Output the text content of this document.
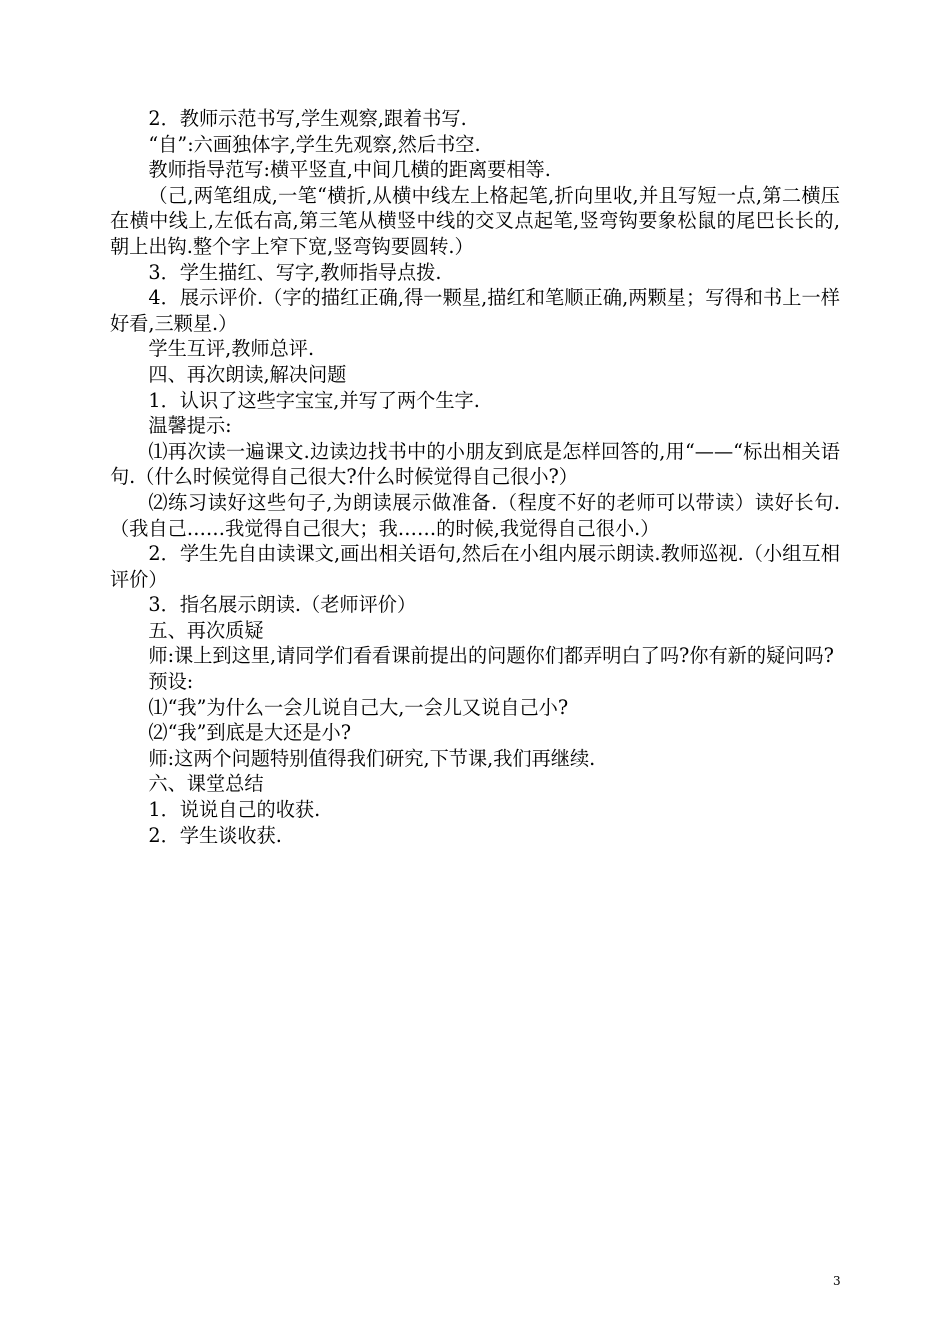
2．教师示范书写,学生观察,跟着书写.

“自”:六画独体字,学生先观察,然后书空.

教师指导范写:横平竖直,中间几横的距离要相等.

（己,两笔组成,一笔“横折,从横中线左上格起笔,折向里收,并且写短一点,第二横压在横中线上,左低右高,第三笔从横竖中线的交叉点起笔,竖弯钩要象松鼠的尾巴长长的,朝上出钩.整个字上窄下宽,竖弯钩要圆转.）

3．学生描红、写字,教师指导点拨.

4．展示评价.（字的描红正确,得一颗星,描红和笔顺正确,两颗星；写得和书上一样好看,三颗星.）

学生互评,教师总评.

四、再次朗读,解决问题

1．认识了这些字宝宝,并写了两个生字.

温馨提示:

⑴再次读一遍课文.边读边找书中的小朋友到底是怎样回答的,用“——“标出相关语句.（什么时候觉得自己很大?什么时候觉得自己很小?）

⑵练习读好这些句子,为朗读展示做准备.（程度不好的老师可以带读）读好长句.（我自己……我觉得自己很大；我……的时候,我觉得自己很小.）

2．学生先自由读课文,画出相关语句,然后在小组内展示朗读.教师巡视.（小组互相评价）

3．指名展示朗读.（老师评价）

五、再次质疑

师:课上到这里,请同学们看看课前提出的问题你们都弄明白了吗?你有新的疑问吗?

预设:

⑴“我”为什么一会儿说自己大,一会儿又说自己小?

⑵“我”到底是大还是小?

师:这两个问题特别值得我们研究,下节课,我们再继续.

六、课堂总结

1．说说自己的收获.

2．学生谈收获.

3
